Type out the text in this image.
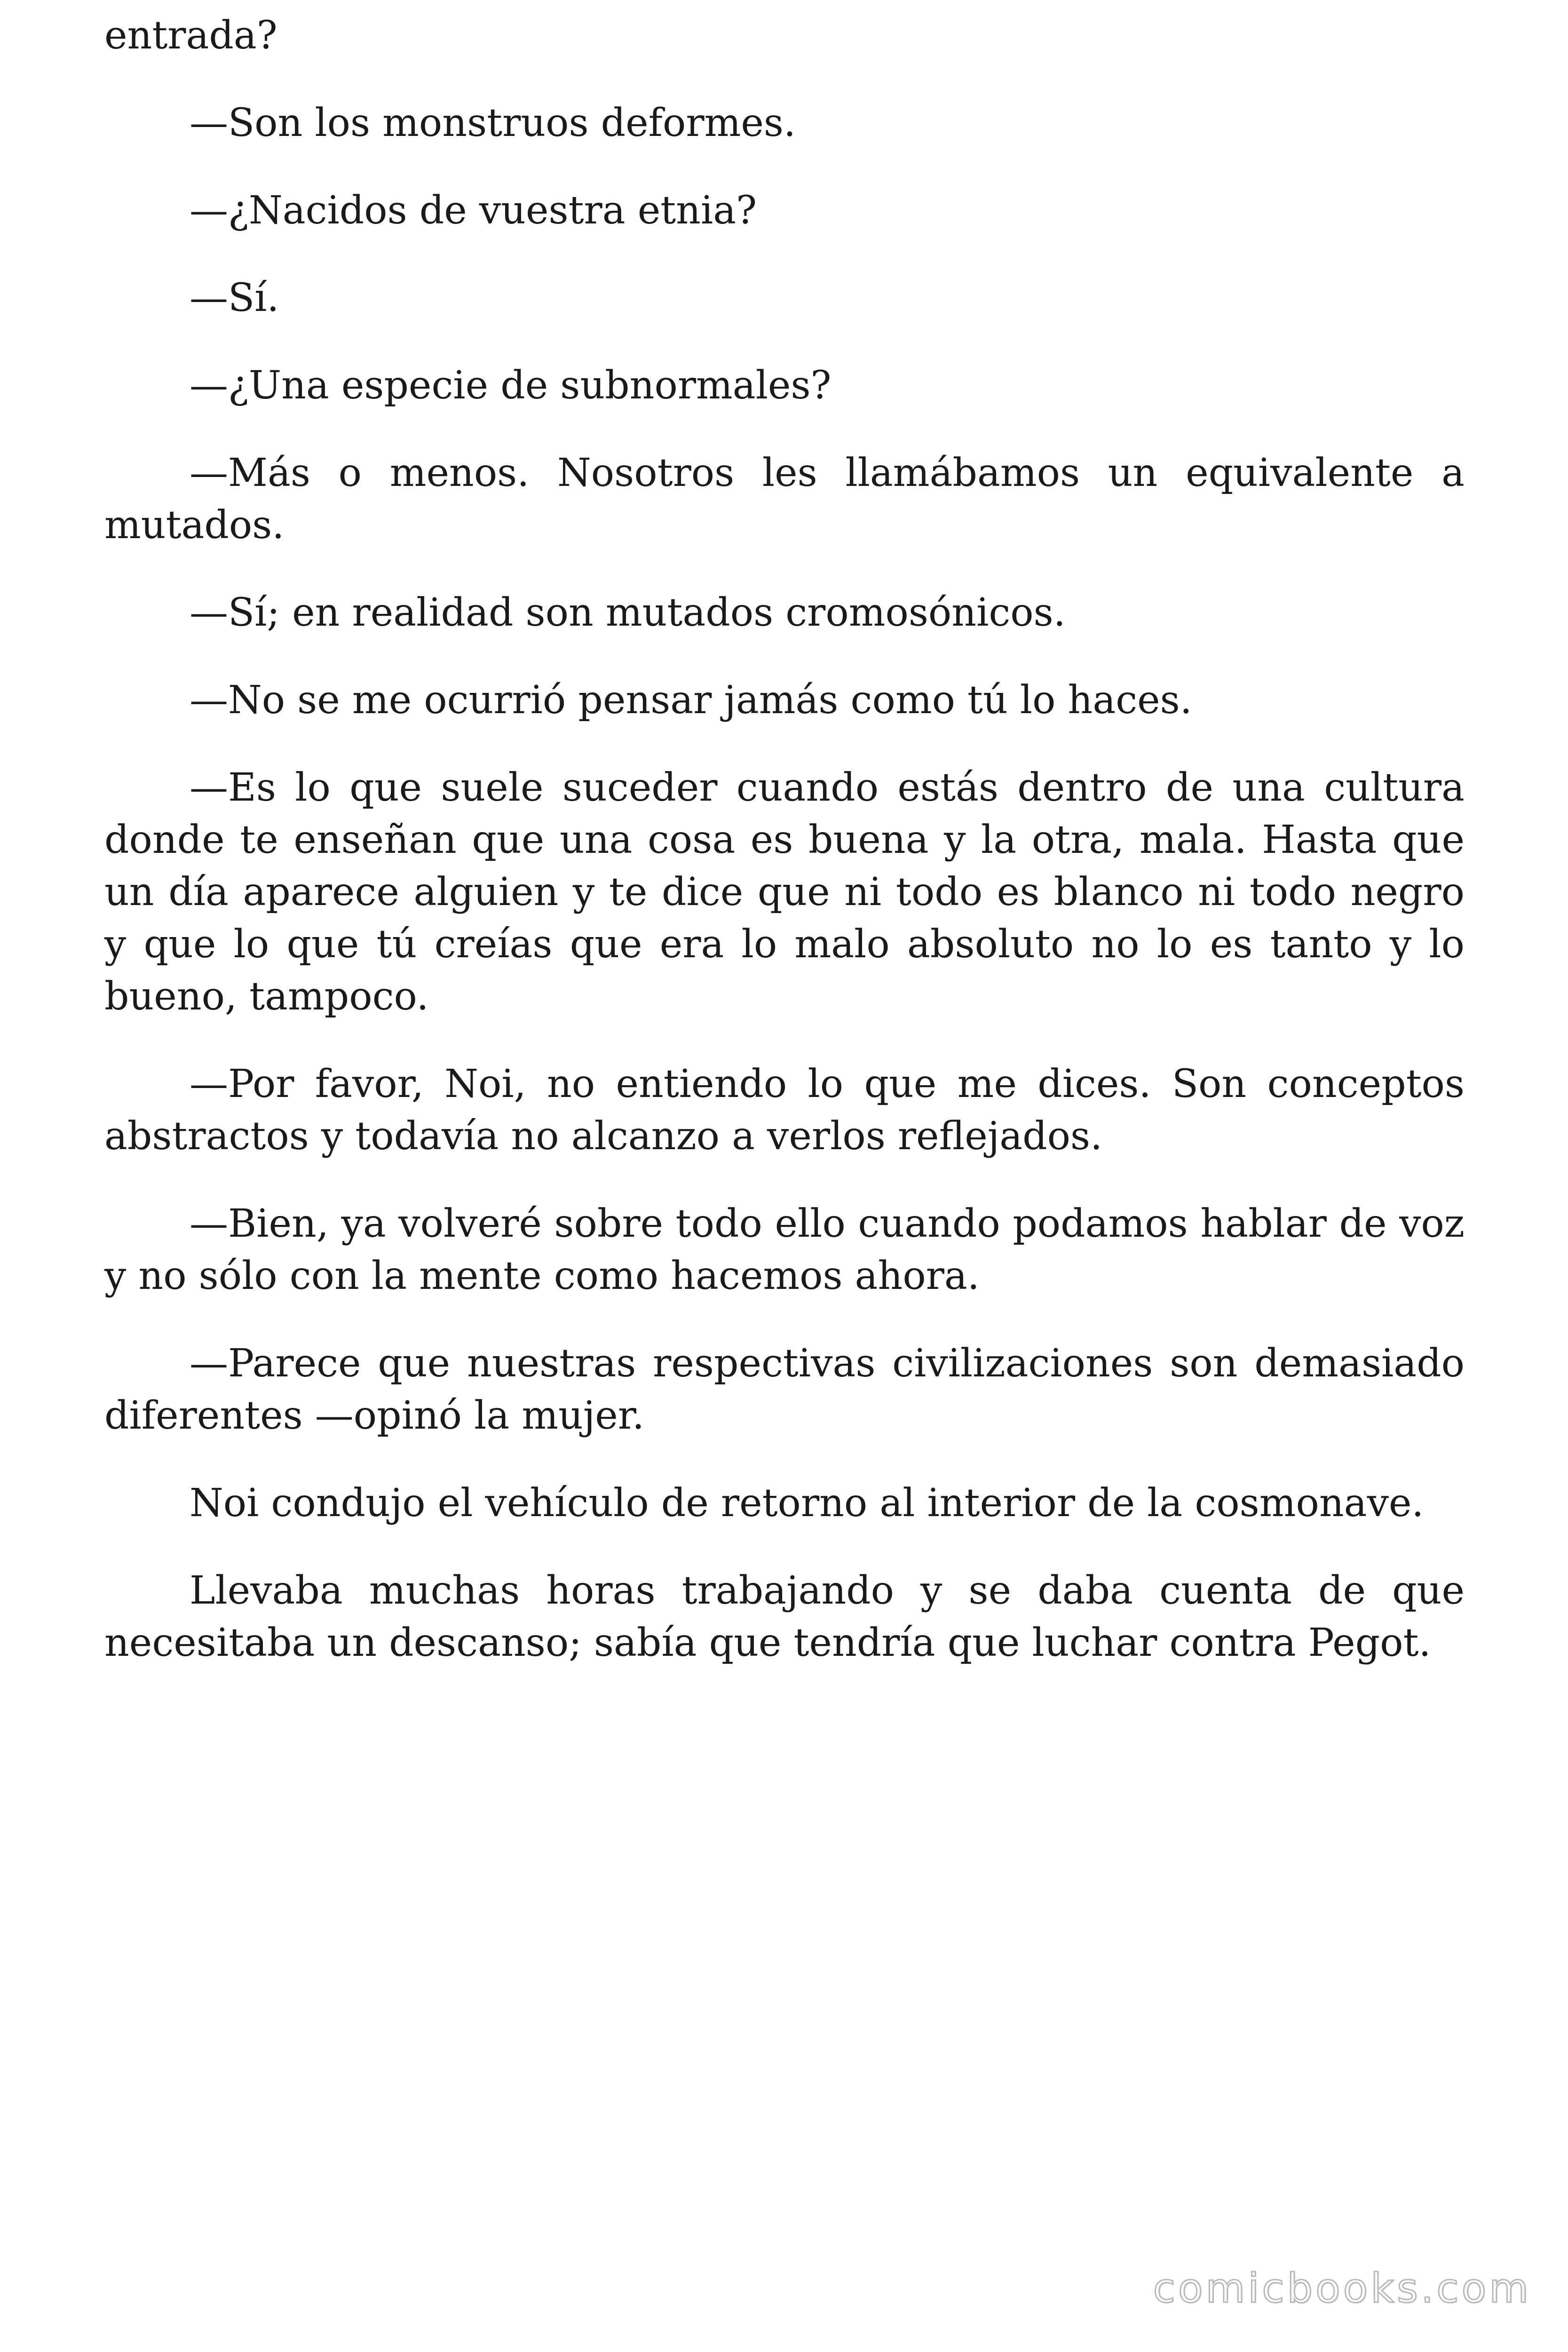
entrada?

—Son los monstruos deformes.

—¿Nacidos de vuestra etnia?

—Sí.

—¿Una especie de subnormales?

—Más o menos. Nosotros les llamábamos un equivalente a mutados.

—Sí; en realidad son mutados cromosónicos.

—No se me ocurrió pensar jamás como tú lo haces.

—Es lo que suele suceder cuando estás dentro de una cultura donde te enseñan que una cosa es buena y la otra, mala. Hasta que un día aparece alguien y te dice que ni todo es blanco ni todo negro y que lo que tú creías que era lo malo absoluto no lo es tanto y lo bueno, tampoco.

—Por favor, Noi, no entiendo lo que me dices. Son conceptos abstractos y todavía no alcanzo a verlos reflejados.

—Bien, ya volveré sobre todo ello cuando podamos hablar de voz y no sólo con la mente como hacemos ahora.

—Parece que nuestras respectivas civilizaciones son demasiado diferentes —opinó la mujer.

Noi condujo el vehículo de retorno al interior de la cosmonave.

Llevaba muchas horas trabajando y se daba cuenta de que necesitaba un descanso; sabía que tendría que luchar contra Pegot.

comicbooks.com
